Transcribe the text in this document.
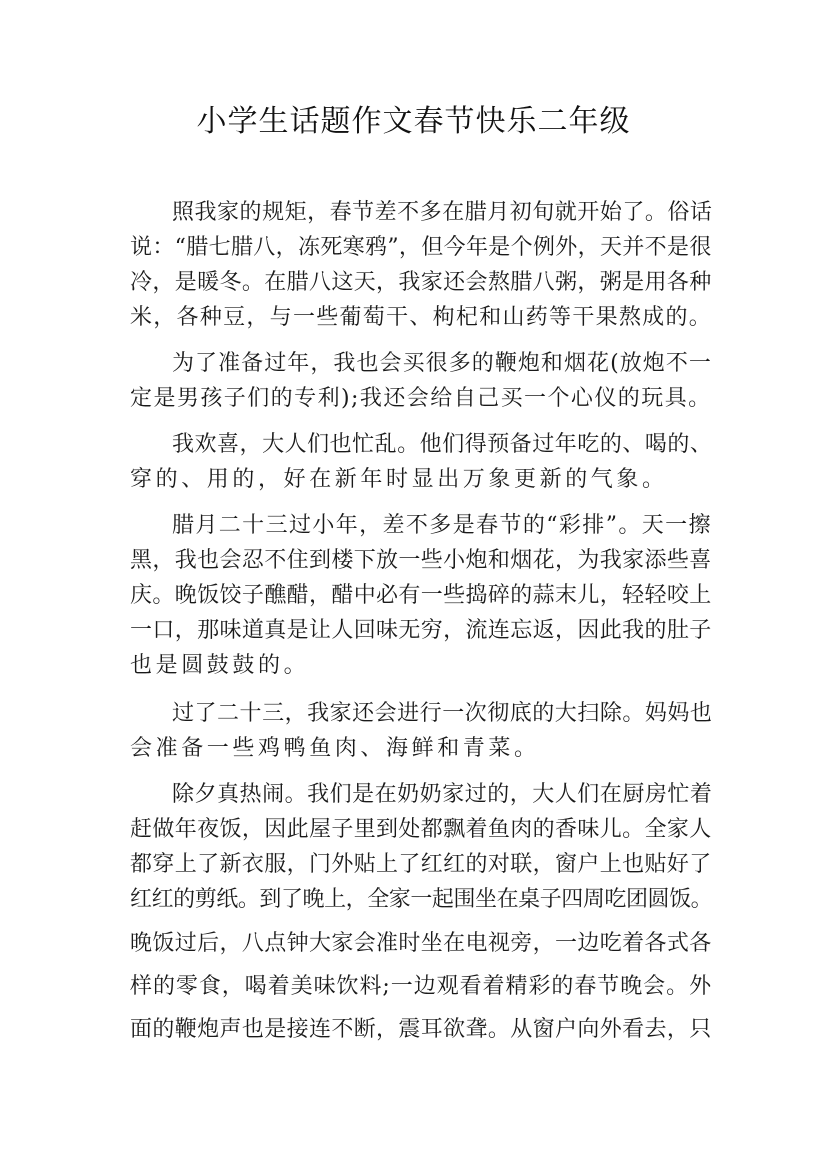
小学生话题作文春节快乐二年级

照我家的规矩，春节差不多在腊月初旬就开始了。俗话

说：“腊七腊八，冻死寒鸦”，但今年是个例外，天并不是很

冷，是暖冬。在腊八这天，我家还会熬腊八粥，粥是用各种

米，各种豆，与一些葡萄干、枸杞和山药等干果熬成的。

为了准备过年，我也会买很多的鞭炮和烟花(放炮不一

定是男孩子们的专利);我还会给自己买一个心仪的玩具。

我欢喜，大人们也忙乱。他们得预备过年吃的、喝的、

穿的、用的，好在新年时显出万象更新的气象。

腊月二十三过小年，差不多是春节的“彩排”。天一擦

黑，我也会忍不住到楼下放一些小炮和烟花，为我家添些喜

庆。晚饭饺子醮醋，醋中必有一些捣碎的蒜末儿，轻轻咬上

一口，那味道真是让人回味无穷，流连忘返，因此我的肚子

也是圆鼓鼓的。

过了二十三，我家还会进行一次彻底的大扫除。妈妈也

会准备一些鸡鸭鱼肉、海鲜和青菜。

除夕真热闹。我们是在奶奶家过的，大人们在厨房忙着

赶做年夜饭，因此屋子里到处都飘着鱼肉的香味儿。全家人

都穿上了新衣服，门外贴上了红红的对联，窗户上也贴好了

红红的剪纸。到了晚上，全家一起围坐在桌子四周吃团圆饭。

晚饭过后，八点钟大家会准时坐在电视旁，一边吃着各式各

样的零食，喝着美味饮料;一边观看着精彩的春节晚会。外

面的鞭炮声也是接连不断，震耳欲聋。从窗户向外看去，只
